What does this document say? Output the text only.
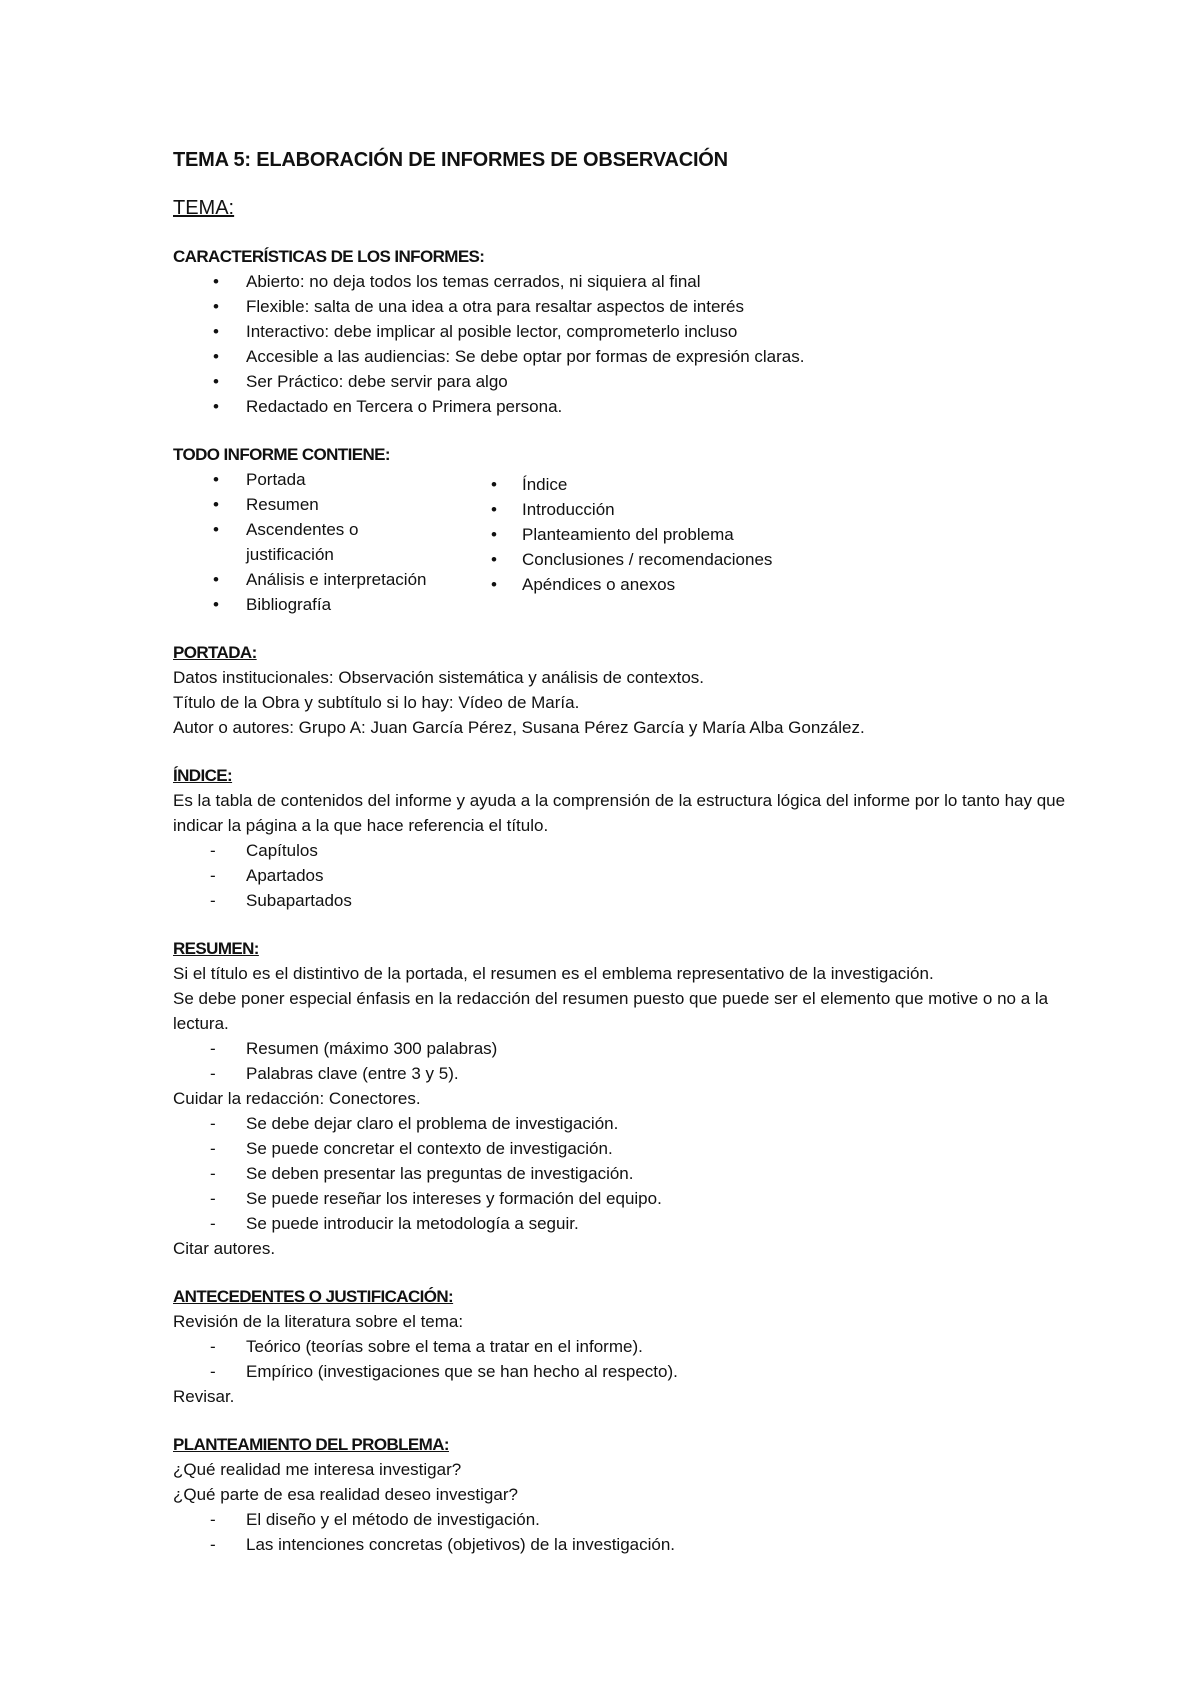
TEMA 5: ELABORACIÓN DE INFORMES DE OBSERVACIÓN
TEMA:

CARACTERÍSTICAS DE LOS INFORMES:

• Abierto: no deja todos los temas cerrados, ni siquiera al final
• Flexible: salta de una idea a otra para resaltar aspectos de interés
• Interactivo: debe implicar al posible lector, comprometerlo incluso
• Accesible a las audiencias: Se debe optar por formas de expresión claras.
• Ser Práctico: debe servir para algo
• Redactado en Tercera o Primera persona.

TODO INFORME CONTIENE:

• Portada
• Resumen
• Ascendentes o justificación
• Análisis e interpretación
• Bibliografía
• Índice
• Introducción
• Planteamiento del problema
• Conclusiones / recomendaciones
• Apéndices o anexos

PORTADA:

Datos institucionales: Observación sistemática y análisis de contextos.

Título de la Obra y subtítulo si lo hay: Vídeo de María.

Autor o autores: Grupo A: Juan García Pérez, Susana Pérez García y María Alba González.

ÍNDICE:

Es la tabla de contenidos del informe y ayuda a la comprensión de la estructura lógica del informe por lo tanto hay que indicar la página a la que hace referencia el título.

- Capítulos
- Apartados
- Subapartados

RESUMEN:

Si el título es el distintivo de la portada, el resumen es el emblema representativo de la investigación.

Se debe poner especial énfasis en la redacción del resumen puesto que puede ser el elemento que motive o no a la lectura.

- Resumen (máximo 300 palabras)
- Palabras clave (entre 3 y 5).

Cuidar la redacción: Conectores.

- Se debe dejar claro el problema de investigación.
- Se puede concretar el contexto de investigación.
- Se deben presentar las preguntas de investigación.
- Se puede reseñar los intereses y formación del equipo.
- Se puede introducir la metodología a seguir.

Citar autores.

ANTECEDENTES O JUSTIFICACIÓN:

Revisión de la literatura sobre el tema:

- Teórico (teorías sobre el tema a tratar en el informe).
- Empírico (investigaciones que se han hecho al respecto).

Revisar.

PLANTEAMIENTO DEL PROBLEMA:

¿Qué realidad me interesa investigar?

¿Qué parte de esa realidad deseo investigar?

- El diseño y el método de investigación.
- Las intenciones concretas (objetivos) de la investigación.
